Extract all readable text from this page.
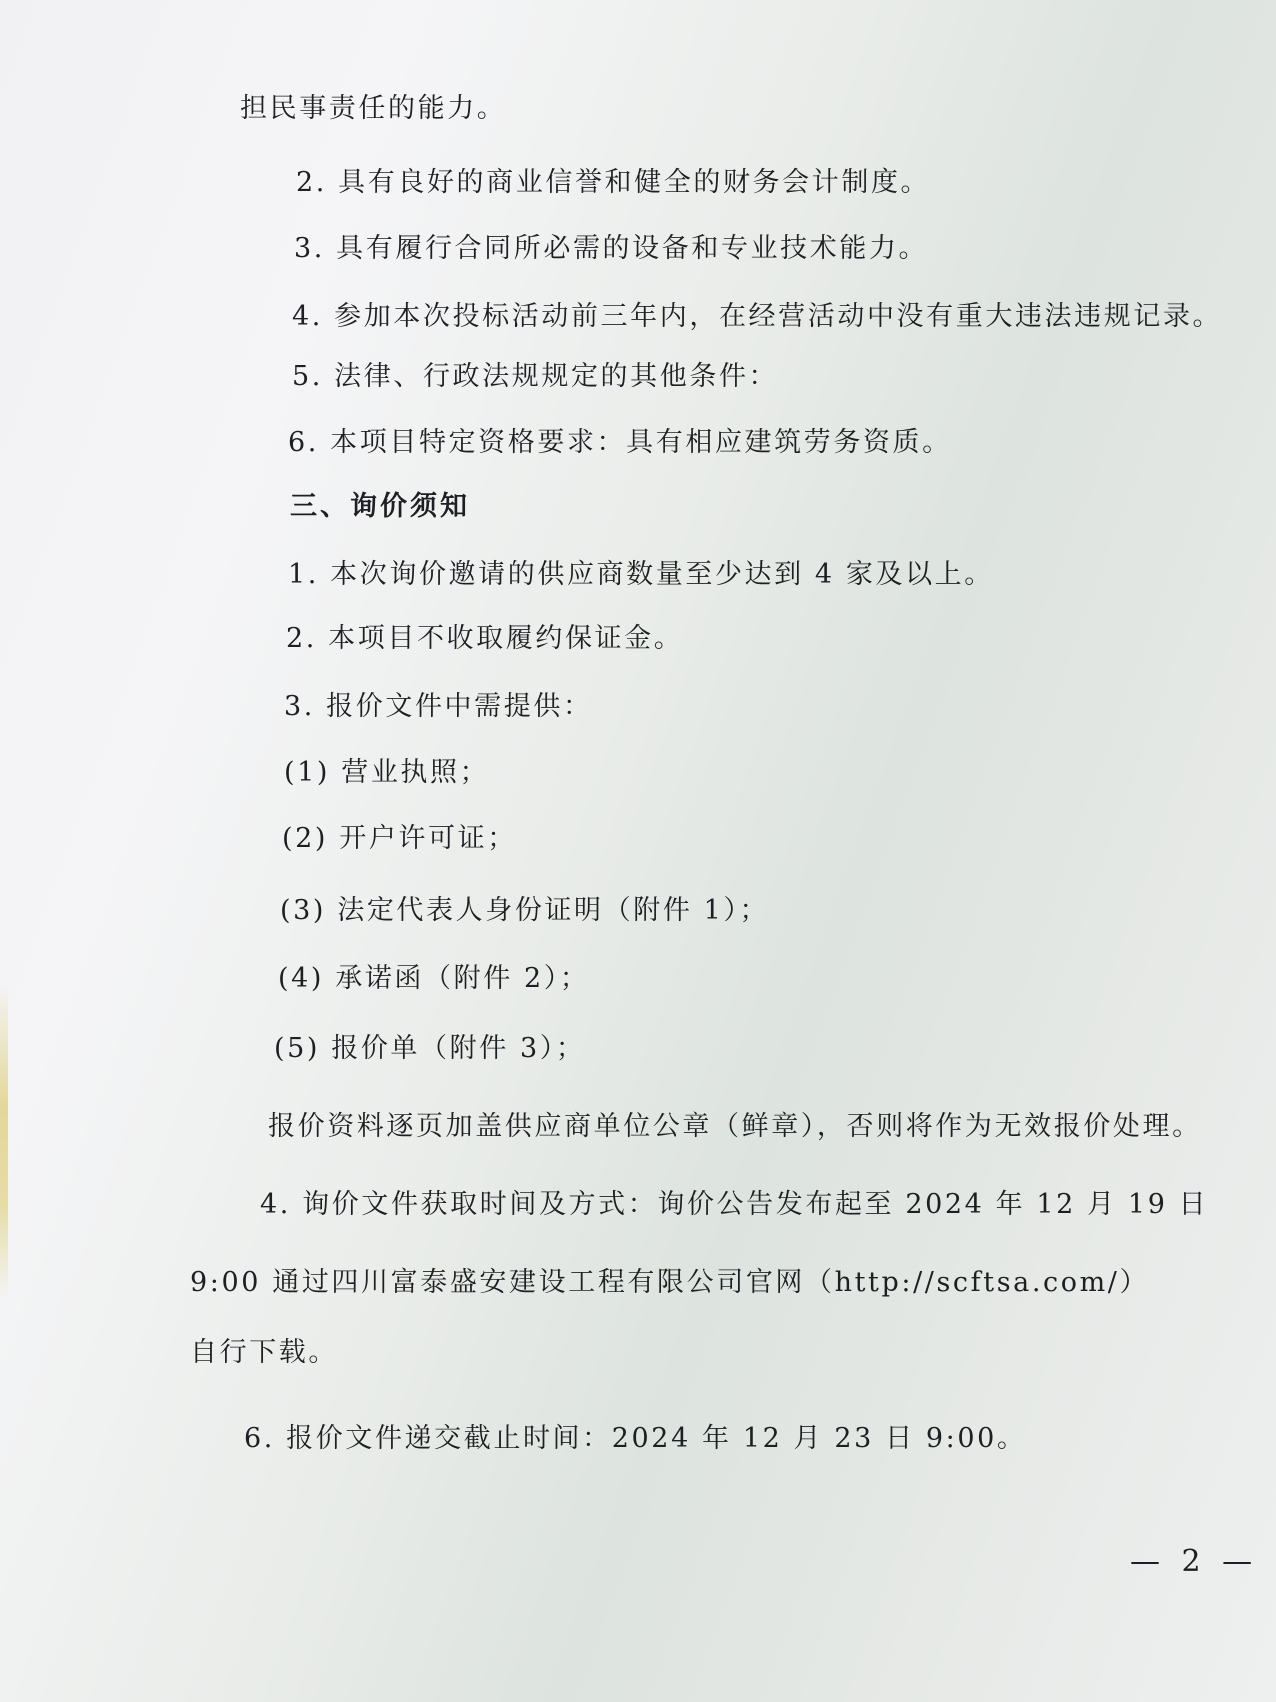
担民事责任的能力。
2. 具有良好的商业信誉和健全的财务会计制度。
3. 具有履行合同所必需的设备和专业技术能力。
4. 参加本次投标活动前三年内，在经营活动中没有重大违法违规记录。
5. 法律、行政法规规定的其他条件：
6. 本项目特定资格要求：具有相应建筑劳务资质。
三、询价须知
1. 本次询价邀请的供应商数量至少达到 4 家及以上。
2. 本项目不收取履约保证金。
3. 报价文件中需提供：
(1) 营业执照；
(2) 开户许可证；
(3) 法定代表人身份证明（附件 1）；
(4) 承诺函（附件 2）；
(5) 报价单（附件 3）；
报价资料逐页加盖供应商单位公章（鲜章），否则将作为无效报价处理。
4. 询价文件获取时间及方式：询价公告发布起至 2024 年 12 月 19 日
9:00 通过四川富泰盛安建设工程有限公司官网（http://scftsa.com/）
自行下载。
6. 报价文件递交截止时间：2024 年 12 月 23 日 9:00。
— 2 —
